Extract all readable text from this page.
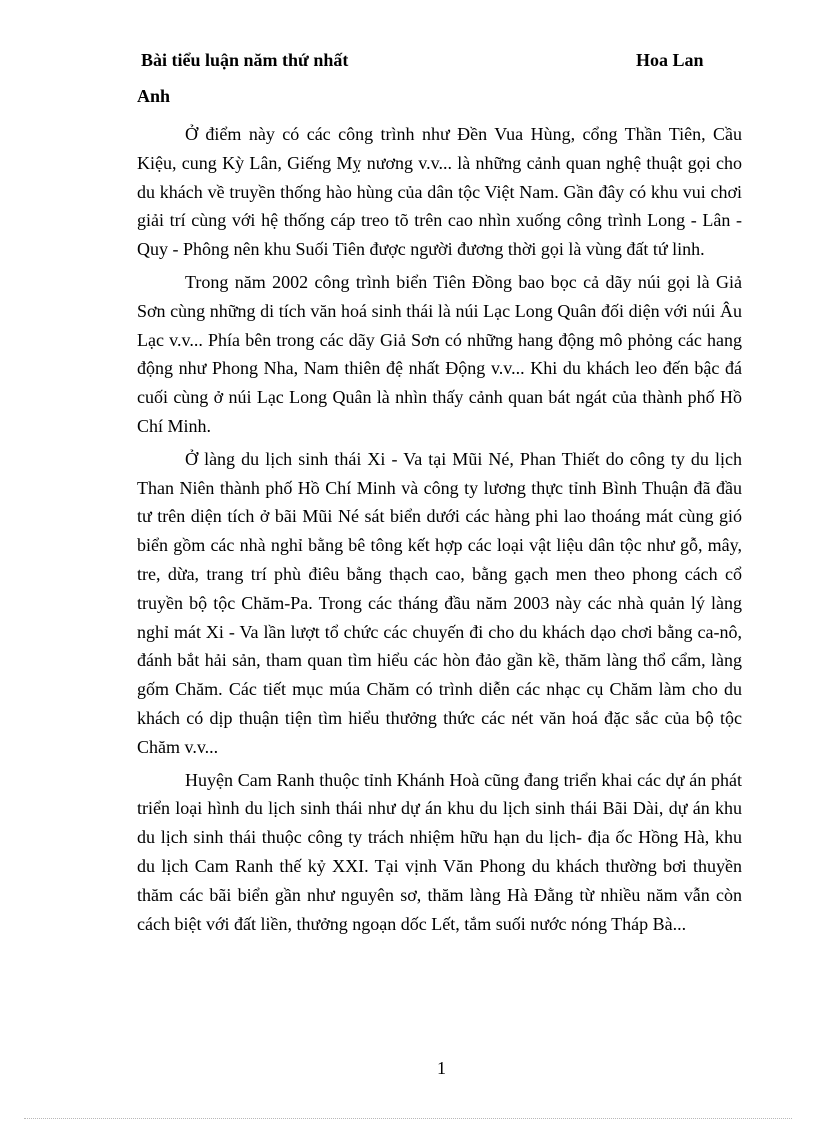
Bài tiểu luận năm thứ nhất	Hoa Lan
Anh

Ở điểm này có các công trình như Đền Vua Hùng, cổng Thần Tiên, Cầu Kiệu, cung Kỳ Lân, Giếng Mỵ nương v.v... là những cảnh quan nghệ thuật gọi cho du khách về truyền thống hào hùng của dân tộc Việt Nam. Gần đây có khu vui chơi giải trí cùng với hệ thống cáp treo tõ trên cao nhìn xuống công trình Long - Lân - Quy - Phông nên khu Suối Tiên được người đương thời gọi là vùng đất tứ linh.

Trong năm 2002 công trình biển Tiên Đồng bao bọc cả dãy núi gọi là Giả Sơn cùng những di tích văn hoá sinh thái là núi Lạc Long Quân đối diện với núi Âu Lạc v.v... Phía bên trong các dãy Giả Sơn có những hang động mô phỏng các hang động như Phong Nha, Nam thiên đệ nhất Động v.v... Khi du khách leo đến bậc đá cuối cùng ở núi Lạc Long Quân là nhìn thấy cảnh quan bát ngát của thành phố Hồ Chí Minh.

Ở làng du lịch sinh thái Xi - Va tại Mũi Né, Phan Thiết do công ty du lịch Than Niên thành phố Hồ Chí Minh và công ty lương thực tỉnh Bình Thuận đã đầu tư trên diện tích ở bãi Mũi Né sát biển dưới các hàng phi lao thoáng mát cùng gió biển gồm các nhà nghỉ bằng bê tông kết hợp các loại vật liệu dân tộc như gỗ, mây, tre, dừa, trang trí phù điêu bằng thạch cao, bằng gạch men theo phong cách cổ truyền bộ tộc Chăm-Pa. Trong các tháng đầu năm 2003 này các nhà quản lý làng nghỉ mát Xi - Va lần lượt tổ chức các chuyến đi cho du khách dạo chơi bằng ca-nô, đánh bắt hải sản, tham quan tìm hiểu các hòn đảo gần kề, thăm làng thổ cẩm, làng gốm Chăm. Các tiết mục múa Chăm có trình diễn các nhạc cụ Chăm làm cho du khách có dịp thuận tiện tìm hiểu thưởng thức các nét văn hoá đặc sắc của bộ tộc Chăm v.v...

Huyện Cam Ranh thuộc tỉnh Khánh Hoà cũng đang triển khai các dự án phát triển loại hình du lịch sinh thái như dự án khu du lịch sinh thái Bãi Dài, dự án khu du lịch sinh thái thuộc công ty trách nhiệm hữu hạn du lịch- địa ốc Hồng Hà, khu du lịch Cam Ranh thế kỷ XXI. Tại vịnh Văn Phong du khách thường bơi thuyền thăm các bãi biển gần như nguyên sơ, thăm làng Hà Đằng từ nhiều năm vẫn còn cách biệt với đất liền, thưởng ngoạn dốc Lết, tắm suối nước nóng Tháp Bà...

1
